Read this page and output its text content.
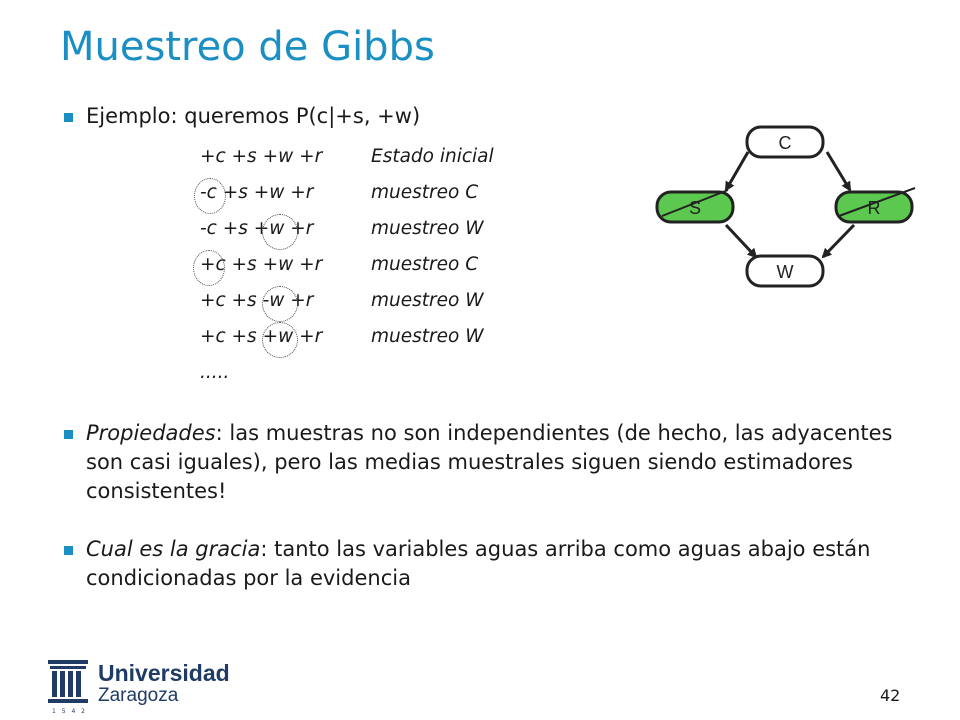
Muestreo de Gibbs
Ejemplo: queremos P(c|+s, +w)
+c +s +w +r	Estado inicial
-c +s +w +r	muestreo C
-c +s +w +r	muestreo W
+c +s +w +r	muestreo C
+c +s -w +r	muestreo W
+c +s +w +r	muestreo W
.....
C
S	R
W
Propiedades: las muestras no son independientes (de hecho, las adyacentes son casi iguales), pero las medias muestrales siguen siendo estimadores consistentes!
Cual es la gracia: tanto las variables aguas arriba como aguas abajo están condicionadas por la evidencia
Universidad
Zaragoza
1 5 4 2
42
